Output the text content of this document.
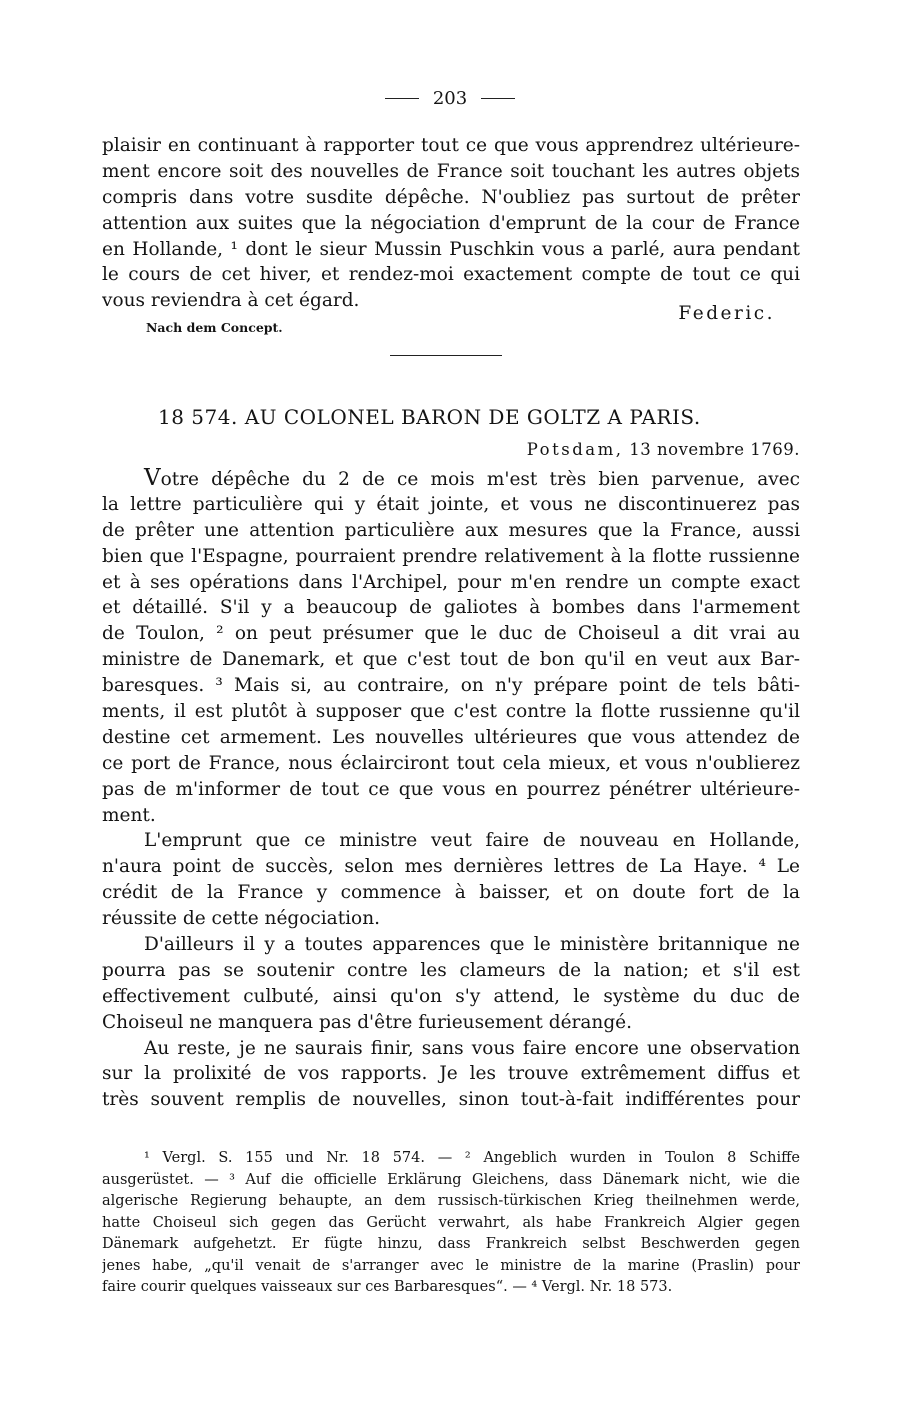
203
plaisir en continuant à rapporter tout ce que vous apprendrez ultérieure-
ment encore soit des nouvelles de France soit touchant les autres objets
compris dans votre susdite dépêche. N'oubliez pas surtout de prêter
attention aux suites que la négociation d'emprunt de la cour de France
en Hollande, ¹ dont le sieur Mussin Puschkin vous a parlé, aura pendant
le cours de cet hiver, et rendez-moi exactement compte de tout ce qui
vous reviendra à cet égard.
Federic.
Nach dem Concept.
18 574. AU COLONEL BARON DE GOLTZ A PARIS.
Potsdam, 13 novembre 1769.
Votre dépêche du 2 de ce mois m'est très bien parvenue, avec
la lettre particulière qui y était jointe, et vous ne discontinuerez pas
de prêter une attention particulière aux mesures que la France, aussi
bien que l'Espagne, pourraient prendre relativement à la flotte russienne
et à ses opérations dans l'Archipel, pour m'en rendre un compte exact
et détaillé. S'il y a beaucoup de galiotes à bombes dans l'armement
de Toulon, ² on peut présumer que le duc de Choiseul a dit vrai au
ministre de Danemark, et que c'est tout de bon qu'il en veut aux Bar-
baresques. ³ Mais si, au contraire, on n'y prépare point de tels bâti-
ments, il est plutôt à supposer que c'est contre la flotte russienne qu'il
destine cet armement. Les nouvelles ultérieures que vous attendez de
ce port de France, nous éclairciront tout cela mieux, et vous n'oublierez
pas de m'informer de tout ce que vous en pourrez pénétrer ultérieure-
ment.
L'emprunt que ce ministre veut faire de nouveau en Hollande,
n'aura point de succès, selon mes dernières lettres de La Haye. ⁴ Le
crédit de la France y commence à baisser, et on doute fort de la
réussite de cette négociation.
D'ailleurs il y a toutes apparences que le ministère britannique ne
pourra pas se soutenir contre les clameurs de la nation; et s'il est
effectivement culbuté, ainsi qu'on s'y attend, le système du duc de
Choiseul ne manquera pas d'être furieusement dérangé.
Au reste, je ne saurais finir, sans vous faire encore une observation
sur la prolixité de vos rapports. Je les trouve extrêmement diffus et
très souvent remplis de nouvelles, sinon tout-à-fait indifférentes pour
¹ Vergl. S. 155 und Nr. 18 574. — ² Angeblich wurden in Toulon 8 Schiffe
ausgerüstet. — ³ Auf die officielle Erklärung Gleichens, dass Dänemark nicht, wie die
algerische Regierung behaupte, an dem russisch-türkischen Krieg theilnehmen werde,
hatte Choiseul sich gegen das Gerücht verwahrt, als habe Frankreich Algier gegen
Dänemark aufgehetzt. Er fügte hinzu, dass Frankreich selbst Beschwerden gegen
jenes habe, „qu'il venait de s'arranger avec le ministre de la marine (Praslin) pour
faire courir quelques vaisseaux sur ces Barbaresques“. — ⁴ Vergl. Nr. 18 573.
